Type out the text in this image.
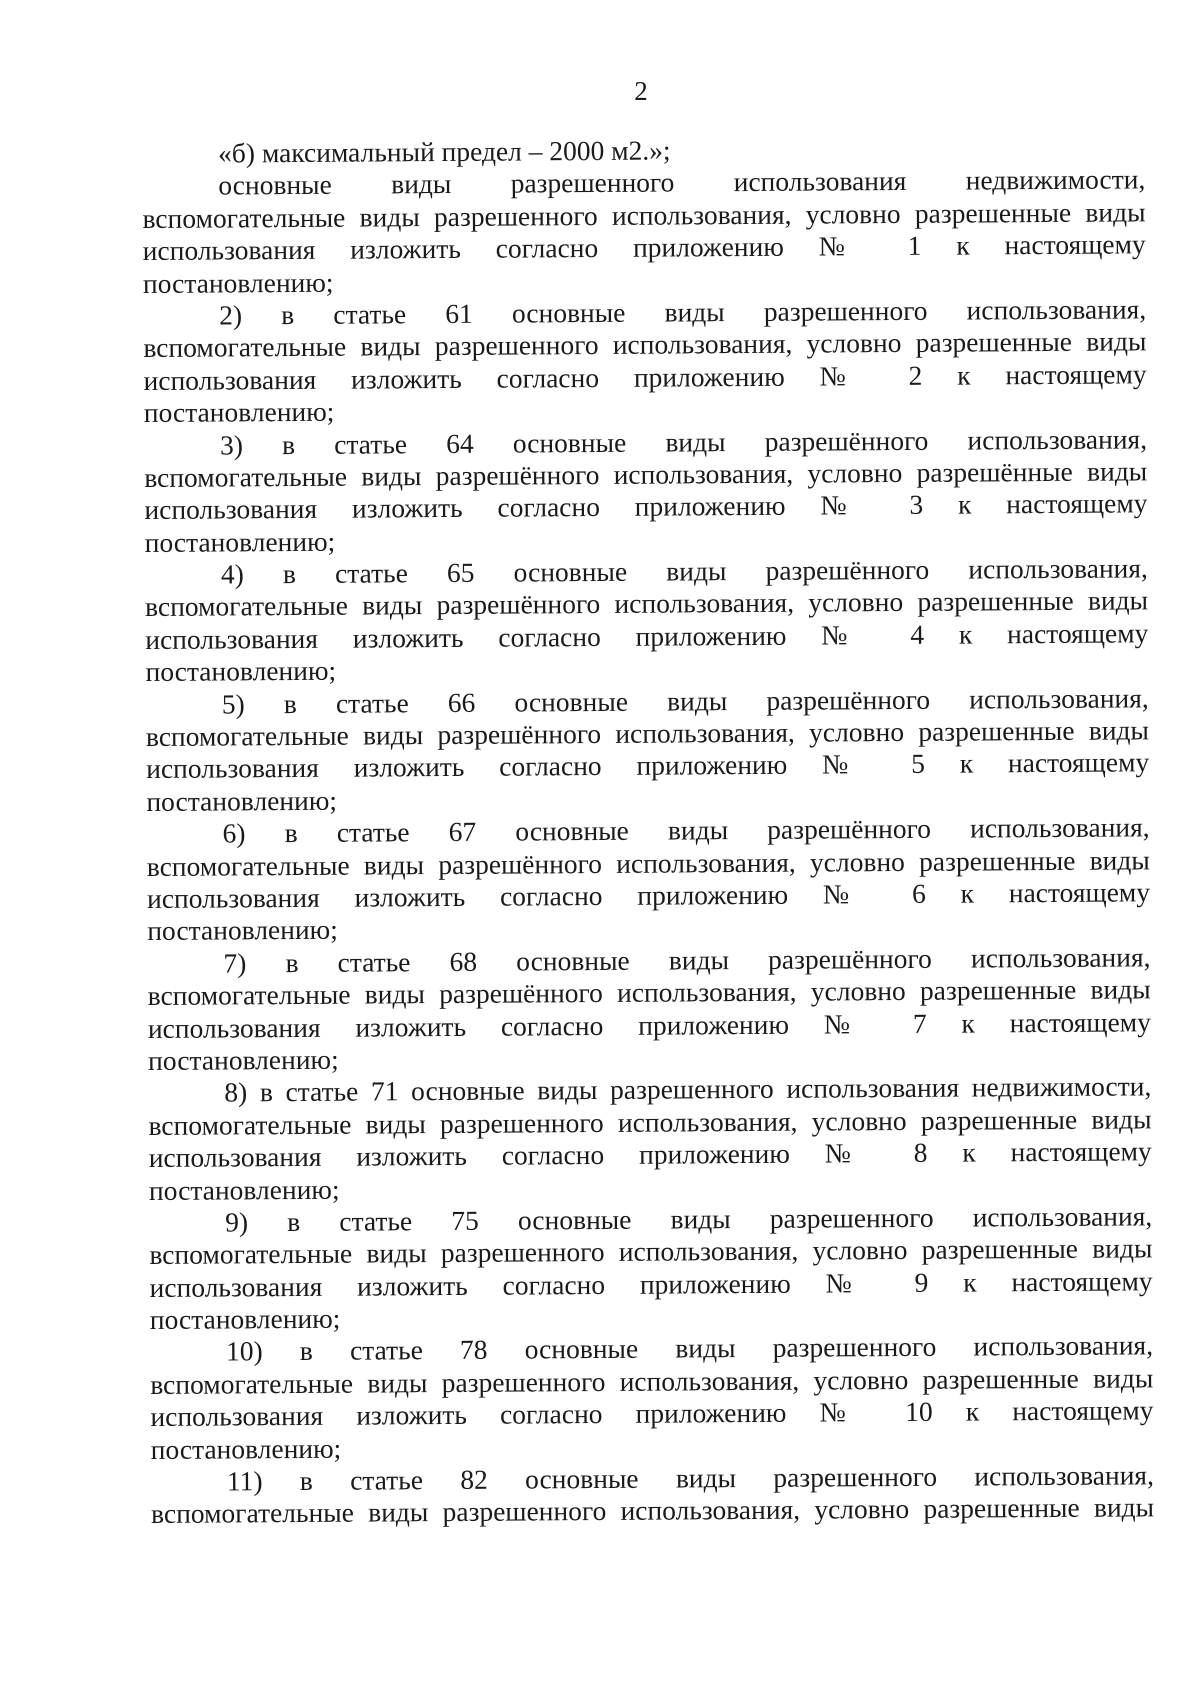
2
«б) максимальный предел – 2000 м2.»;
основные виды разрешенного использования недвижимости,
вспомогательные виды разрешенного использования, условно разрешенные виды
использования изложить согласно приложению № 1 к настоящему
постановлению;
2) в статье 61 основные виды разрешенного использования,
вспомогательные виды разрешенного использования, условно разрешенные виды
использования изложить согласно приложению № 2 к настоящему
постановлению;
3) в статье 64 основные виды разрешённого использования,
вспомогательные виды разрешённого использования, условно разрешённые виды
использования изложить согласно приложению № 3 к настоящему
постановлению;
4) в статье 65 основные виды разрешённого использования,
вспомогательные виды разрешённого использования, условно разрешенные виды
использования изложить согласно приложению № 4 к настоящему
постановлению;
5) в статье 66 основные виды разрешённого использования,
вспомогательные виды разрешённого использования, условно разрешенные виды
использования изложить согласно приложению № 5 к настоящему
постановлению;
6) в статье 67 основные виды разрешённого использования,
вспомогательные виды разрешённого использования, условно разрешенные виды
использования изложить согласно приложению № 6 к настоящему
постановлению;
7) в статье 68 основные виды разрешённого использования,
вспомогательные виды разрешённого использования, условно разрешенные виды
использования изложить согласно приложению № 7 к настоящему
постановлению;
8) в статье 71 основные виды разрешенного использования недвижимости,
вспомогательные виды разрешенного использования, условно разрешенные виды
использования изложить согласно приложению № 8 к настоящему
постановлению;
9) в статье 75 основные виды разрешенного использования,
вспомогательные виды разрешенного использования, условно разрешенные виды
использования изложить согласно приложению № 9 к настоящему
постановлению;
10) в статье 78 основные виды разрешенного использования,
вспомогательные виды разрешенного использования, условно разрешенные виды
использования изложить согласно приложению № 10 к настоящему
постановлению;
11) в статье 82 основные виды разрешенного использования,
вспомогательные виды разрешенного использования, условно разрешенные виды
